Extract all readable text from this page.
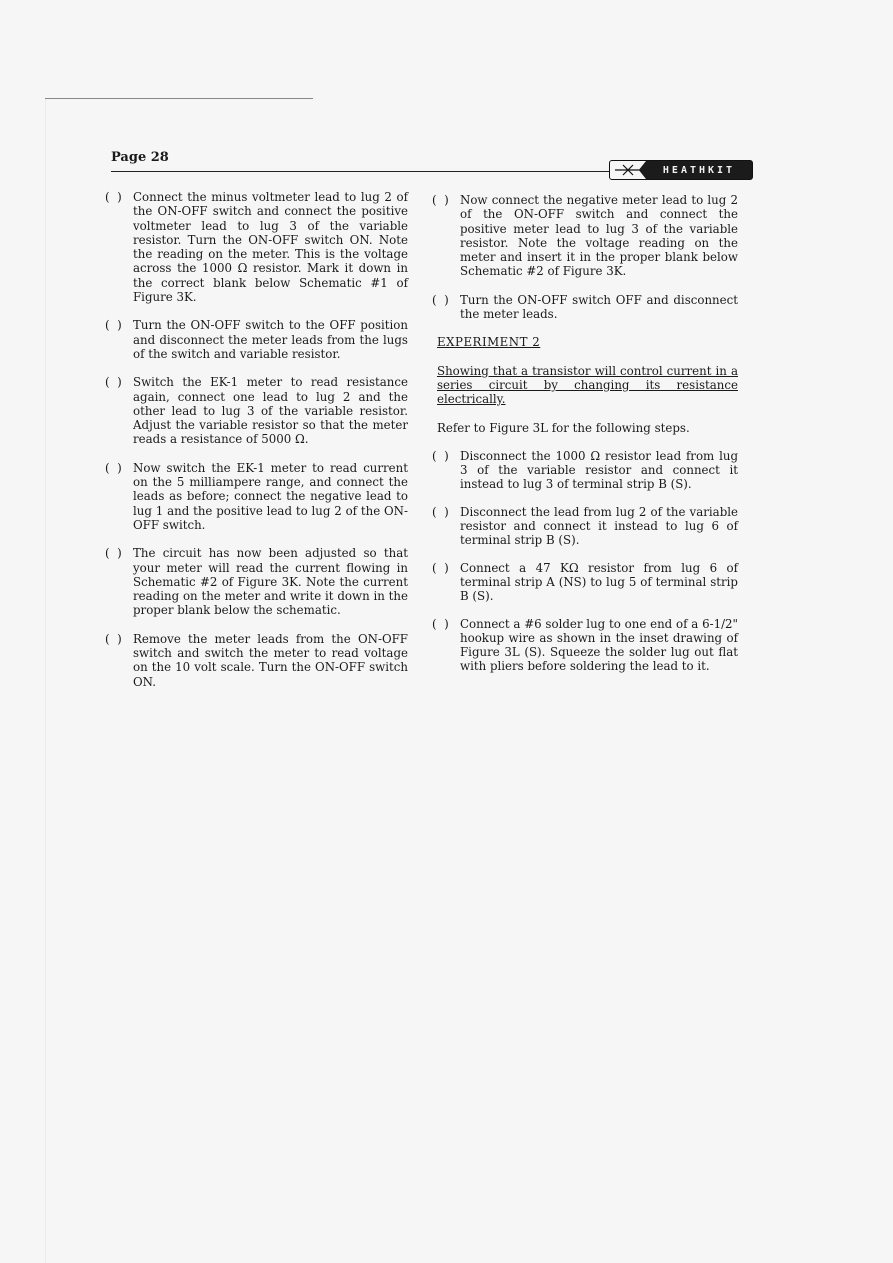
Page 28
HEATHKIT
(  ) Connect the minus voltmeter lead to lug 2 of the ON-OFF switch and connect the positive voltmeter lead to lug 3 of the variable resistor. Turn the ON-OFF switch ON. Note the reading on the meter. This is the voltage across the 1000 Ω resistor. Mark it down in the correct blank below Schematic #1 of Figure 3K.
(  ) Turn the ON-OFF switch to the OFF position and disconnect the meter leads from the lugs of the switch and variable resistor.
(  ) Switch the EK-1 meter to read resistance again, connect one lead to lug 2 and the other lead to lug 3 of the variable resistor. Adjust the variable resistor so that the meter reads a resistance of 5000 Ω.
(  ) Now switch the EK-1 meter to read current on the 5 milliampere range, and connect the leads as before; connect the negative lead to lug 1 and the positive lead to lug 2 of the ON-OFF switch.
(  ) The circuit has now been adjusted so that your meter will read the current flowing in Schematic #2 of Figure 3K. Note the current reading on the meter and write it down in the proper blank below the schematic.
(  ) Remove the meter leads from the ON-OFF switch and switch the meter to read voltage on the 10 volt scale. Turn the ON-OFF switch ON.
(  ) Now connect the negative meter lead to lug 2 of the ON-OFF switch and connect the positive meter lead to lug 3 of the variable resistor. Note the voltage reading on the meter and insert it in the proper blank below Schematic #2 of Figure 3K.
(  ) Turn the ON-OFF switch OFF and disconnect the meter leads.
EXPERIMENT 2
Showing that a transistor will control current in a series circuit by changing its resistance electrically.
Refer to Figure 3L for the following steps.
(  ) Disconnect the 1000 Ω resistor lead from lug 3 of the variable resistor and connect it instead to lug 3 of terminal strip B (S).
(  ) Disconnect the lead from lug 2 of the variable resistor and connect it instead to lug 6 of terminal strip B (S).
(  ) Connect a 47 KΩ resistor from lug 6 of terminal strip A (NS) to lug 5 of terminal strip B (S).
(  ) Connect a #6 solder lug to one end of a 6-1/2" hookup wire as shown in the inset drawing of Figure 3L (S). Squeeze the solder lug out flat with pliers before soldering the lead to it.
